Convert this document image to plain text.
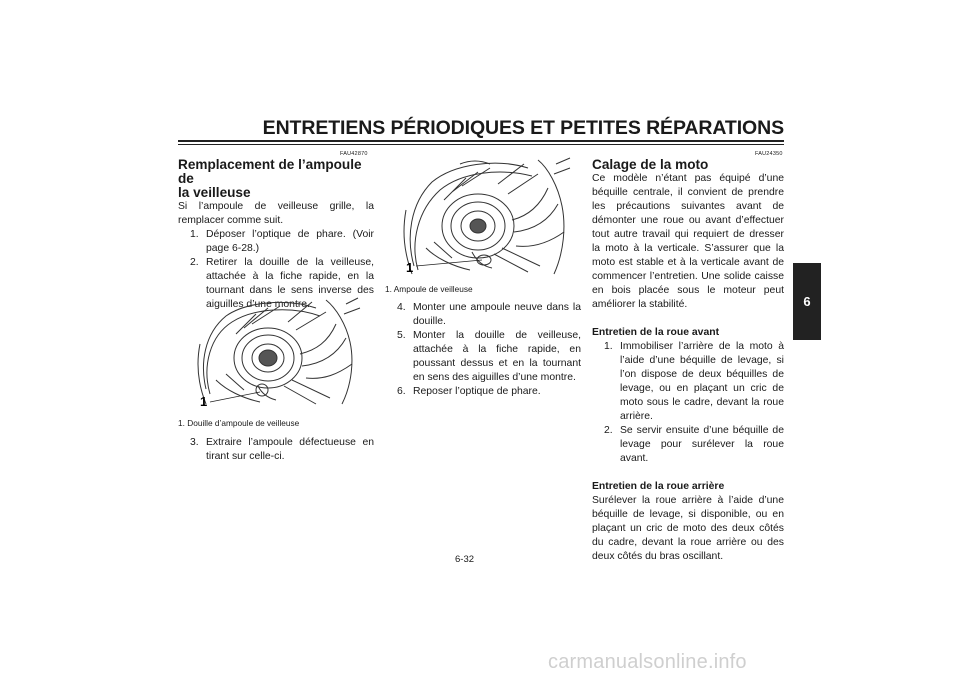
ENTRETIENS PÉRIODIQUES ET PETITES RÉPARATIONS
6
FAU42870
Remplacement de l’ampoule de
la veilleuse
Si l’ampoule de veilleuse grille, la remplacer comme suit.
1. Déposer l’optique de phare. (Voir page 6-28.)
2. Retirer la douille de la veilleuse, attachée à la fiche rapide, en la tournant dans le sens inverse des aiguilles d’une montre.
1
1. Douille d’ampoule de veilleuse
3. Extraire l’ampoule défectueuse en tirant sur celle-ci.
1
1. Ampoule de veilleuse
4. Monter une ampoule neuve dans la douille.
5. Monter la douille de veilleuse, attachée à la fiche rapide, en poussant dessus et en la tournant en sens des aiguilles d’une montre.
6. Reposer l’optique de phare.
FAU24350
Calage de la moto
Ce modèle n’étant pas équipé d’une béquille centrale, il convient de prendre les précautions suivantes avant de démonter une roue ou avant d’effectuer tout autre travail qui requiert de dresser la moto à la verticale. S’assurer que la moto est stable et à la verticale avant de commencer l’entretien. Une solide caisse en bois placée sous le moteur peut améliorer la stabilité.
Entretien de la roue avant
1. Immobiliser l’arrière de la moto à l’aide d’une béquille de levage, si l’on dispose de deux béquilles de levage, ou en plaçant un cric de moto sous le cadre, devant la roue arrière.
2. Se servir ensuite d’une béquille de levage pour surélever la roue avant.
Entretien de la roue arrière
Surélever la roue arrière à l’aide d’une béquille de levage, si disponible, ou en plaçant un cric de moto des deux côtés du cadre, devant la roue arrière ou des deux côtés du bras oscillant.
6-32
carmanualsonline.info
